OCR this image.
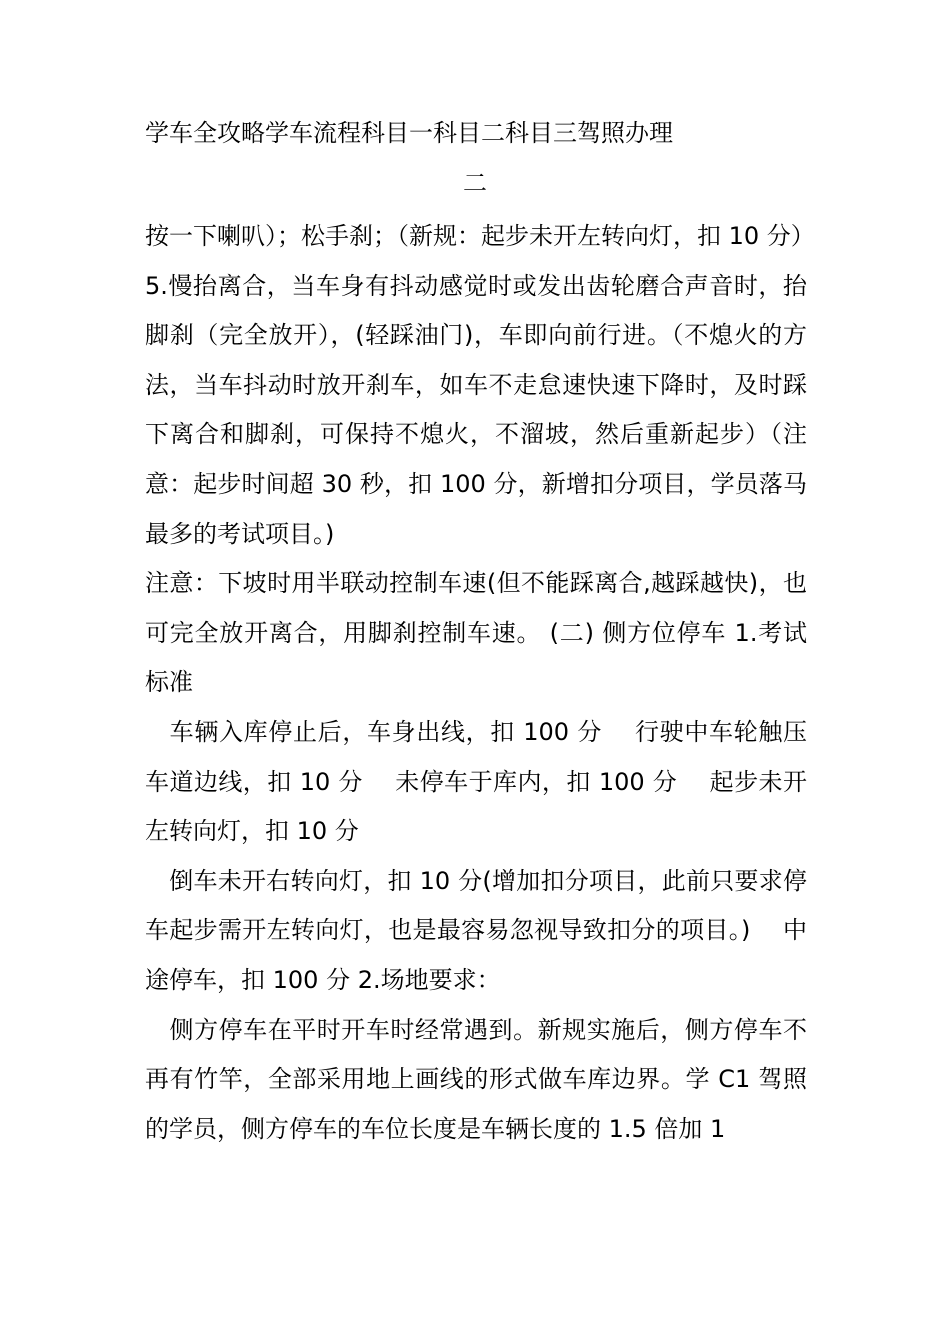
学车全攻略学车流程科目一科目二科目三驾照办理
二

按一下喇叭）；松手刹；（新规：起步未开左转向灯，扣 10 分）

5.慢抬离合，当车身有抖动感觉时或发出齿轮磨合声音时，抬脚刹（完全放开），(轻踩油门)，车即向前行进。（不熄火的方法，当车抖动时放开刹车，如车不走怠速快速下降时，及时踩下离合和脚刹，可保持不熄火，不溜坡，然后重新起步）（注意：起步时间超 30 秒，扣 100 分，新增扣分项目，学员落马最多的考试项目。)

注意：下坡时用半联动控制车速(但不能踩离合,越踩越快)，也可完全放开离合，用脚刹控制车速。 (二) 侧方位停车 1.考试标准

　车辆入库停止后，车身出线，扣 100 分　 行驶中车轮触压车道边线，扣 10 分　 未停车于库内，扣 100 分　 起步未开左转向灯，扣 10 分

　倒车未开右转向灯，扣 10 分(增加扣分项目，此前只要求停车起步需开左转向灯，也是最容易忽视导致扣分的项目。)　 中途停车，扣 100 分 2.场地要求：

　侧方停车在平时开车时经常遇到。新规实施后，侧方停车不再有竹竿，全部采用地上画线的形式做车库边界。学 C1 驾照的学员，侧方停车的车位长度是车辆长度的 1.5 倍加 1
